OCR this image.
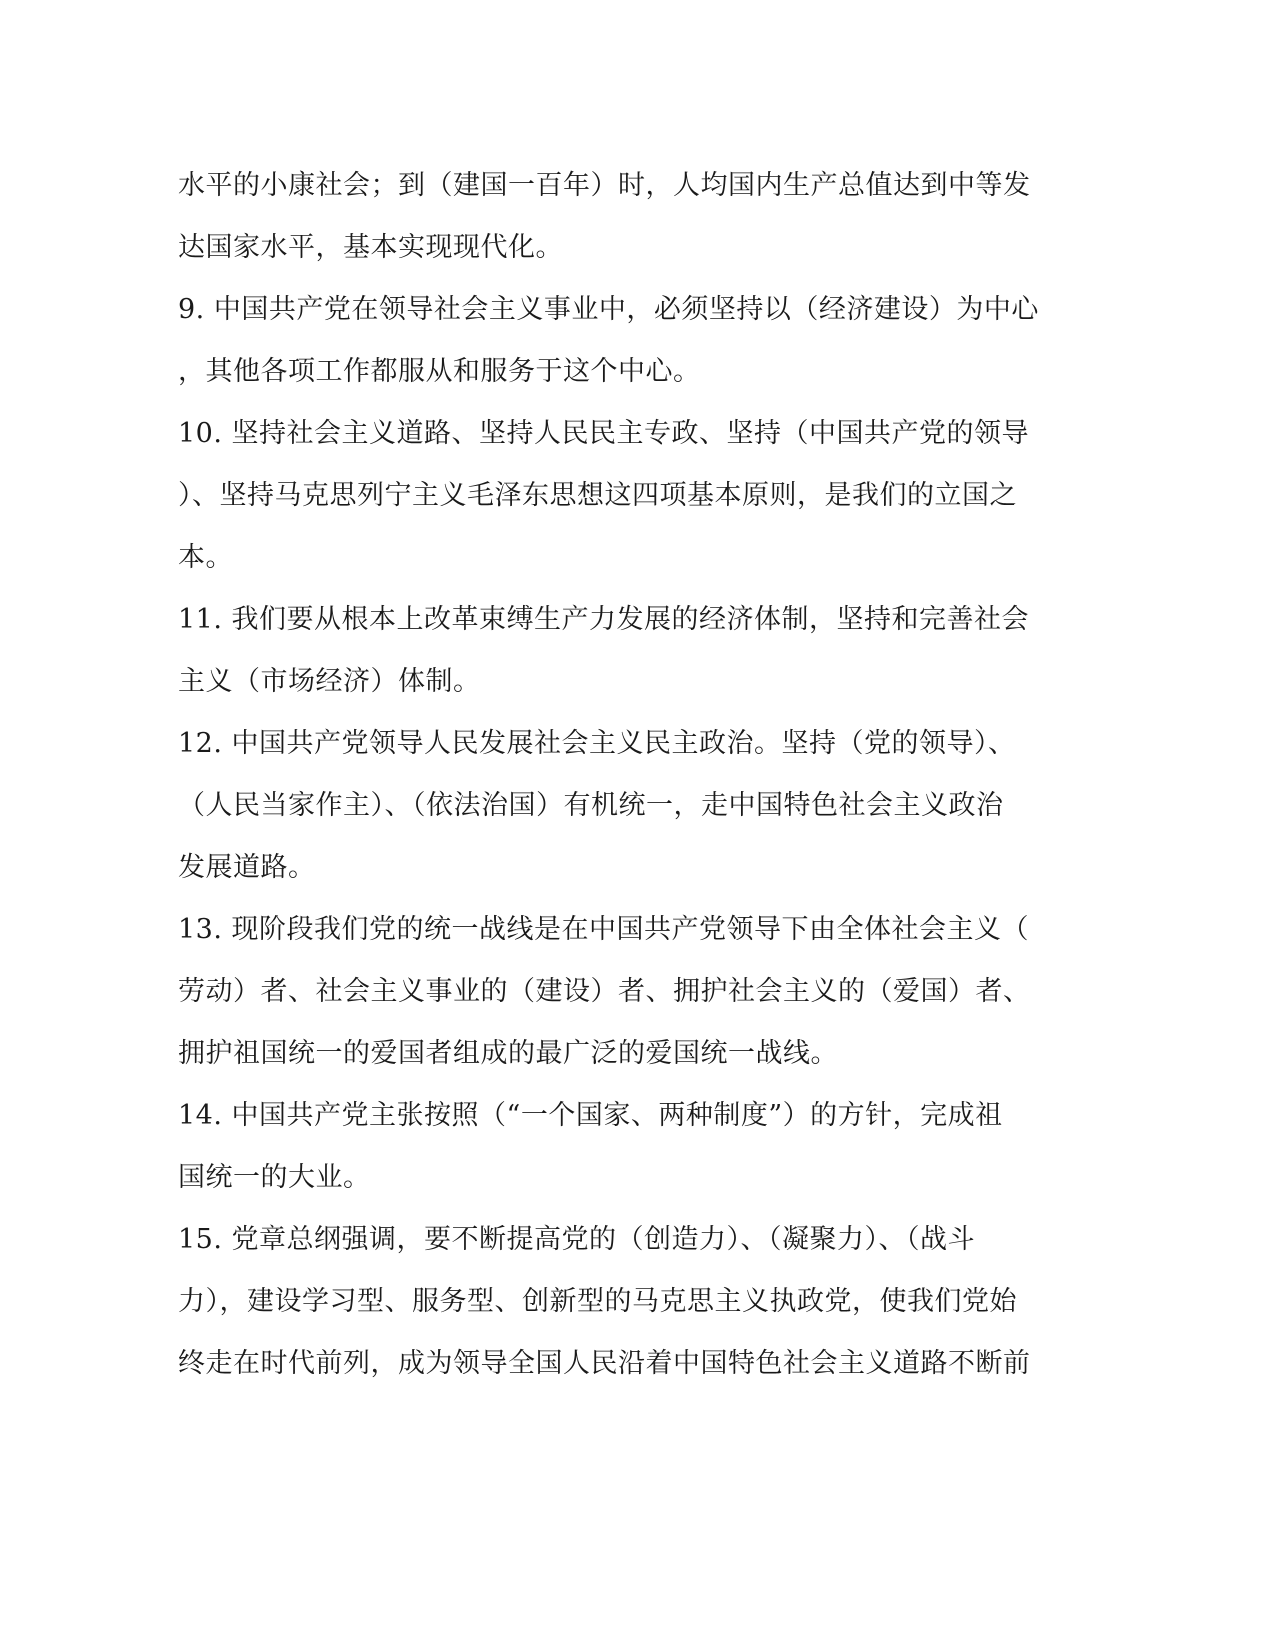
水平的小康社会；到（建国一百年）时，人均国内生产总值达到中等发
达国家水平，基本实现现代化。
9. 中国共产党在领导社会主义事业中，必须坚持以（经济建设）为中心
，其他各项工作都服从和服务于这个中心。
10. 坚持社会主义道路、坚持人民民主专政、坚持（中国共产党的领导
）、坚持马克思列宁主义毛泽东思想这四项基本原则，是我们的立国之
本。
11. 我们要从根本上改革束缚生产力发展的经济体制，坚持和完善社会
主义（市场经济）体制。
12. 中国共产党领导人民发展社会主义民主政治。坚持（党的领导）、
（人民当家作主）、（依法治国）有机统一，走中国特色社会主义政治
发展道路。
13. 现阶段我们党的统一战线是在中国共产党领导下由全体社会主义（
劳动）者、社会主义事业的（建设）者、拥护社会主义的（爱国）者、
拥护祖国统一的爱国者组成的最广泛的爱国统一战线。
14. 中国共产党主张按照（“一个国家、两种制度”）的方针，完成祖
国统一的大业。
15. 党章总纲强调，要不断提高党的（创造力）、（凝聚力）、（战斗
力），建设学习型、服务型、创新型的马克思主义执政党，使我们党始
终走在时代前列，成为领导全国人民沿着中国特色社会主义道路不断前
